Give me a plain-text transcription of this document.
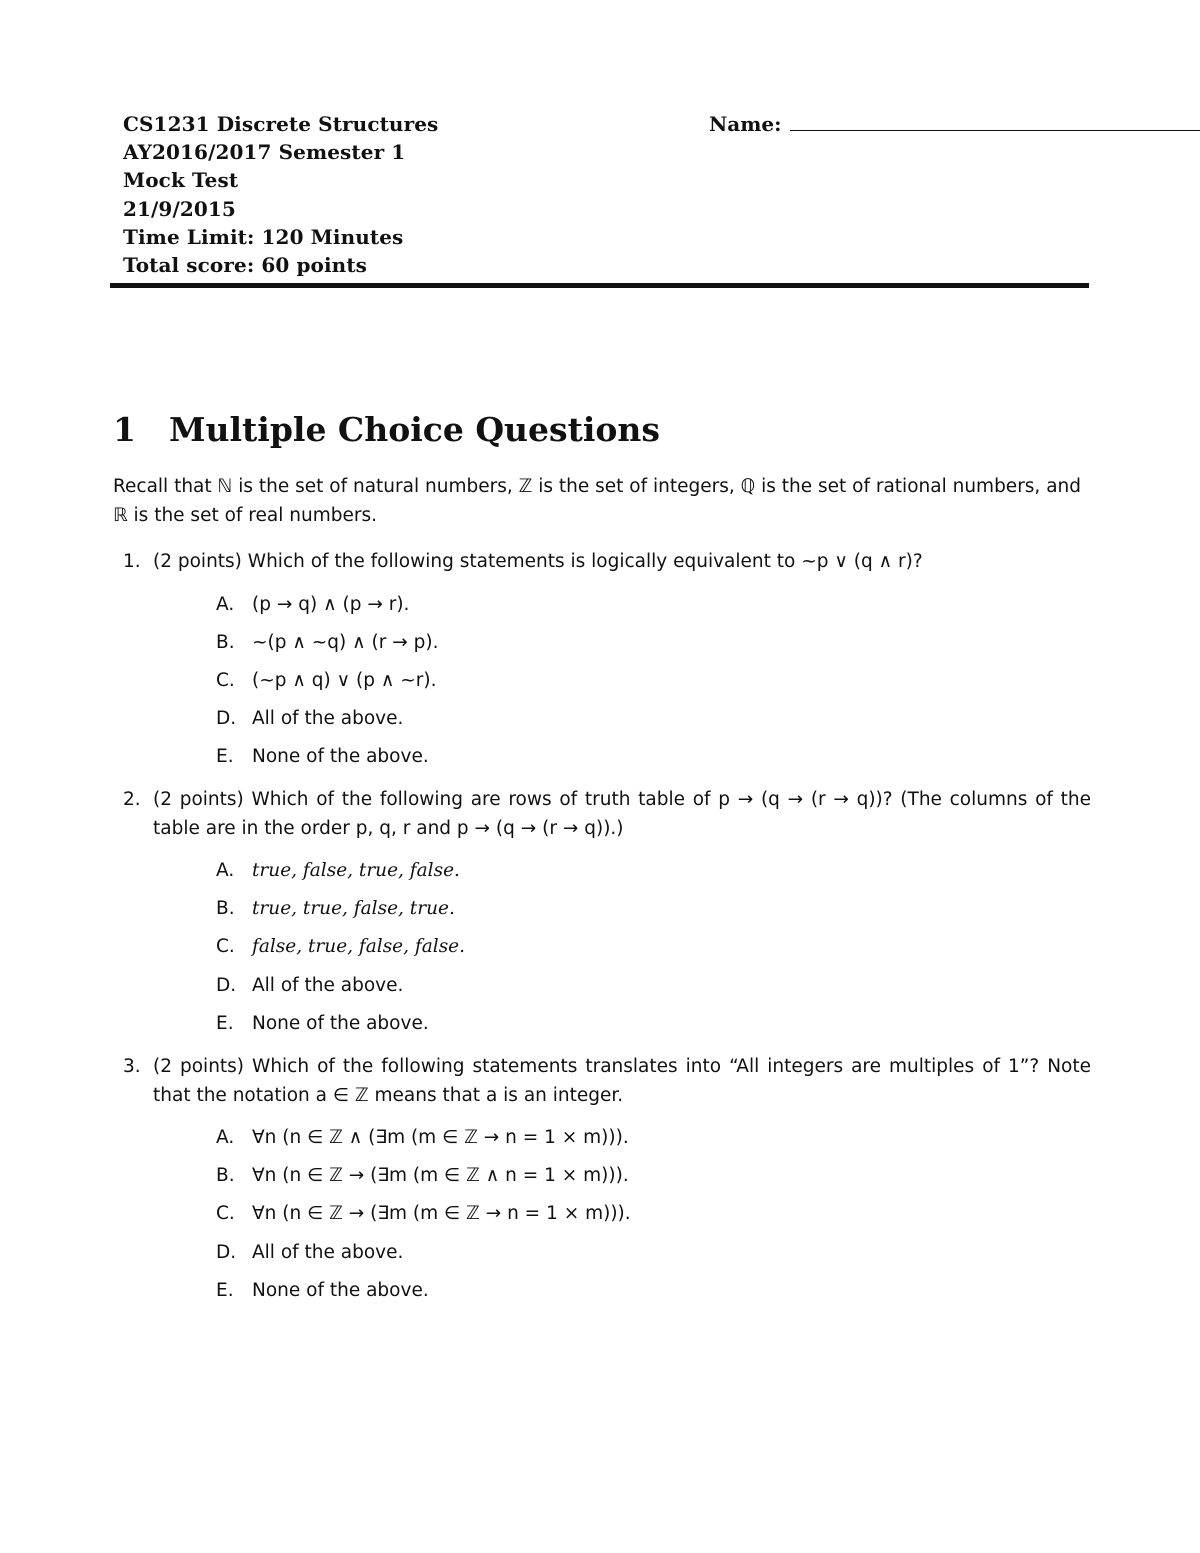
CS1231 Discrete Structures
AY2016/2017 Semester 1
Mock Test
21/9/2015
Time Limit: 120 Minutes
Total score: 60 points
Name:
1 Multiple Choice Questions
Recall that ℕ is the set of natural numbers, ℤ is the set of integers, ℚ is the set of rational numbers, and ℝ is the set of real numbers.
1. (2 points) Which of the following statements is logically equivalent to ~p ∨ (q ∧ r)?
A. (p → q) ∧ (p → r).
B. ~(p ∧ ~q) ∧ (r → p).
C. (~p ∧ q) ∨ (p ∧ ~r).
D. All of the above.
E. None of the above.
2. (2 points) Which of the following are rows of truth table of p → (q → (r → q))? (The columns of the table are in the order p, q, r and p → (q → (r → q)).)
A. true, false, true, false.
B. true, true, false, true.
C. false, true, false, false.
D. All of the above.
E. None of the above.
3. (2 points) Which of the following statements translates into “All integers are multiples of 1”? Note that the notation a ∈ ℤ means that a is an integer.
A. ∀n (n ∈ ℤ ∧ (∃m (m ∈ ℤ → n = 1 × m))).
B. ∀n (n ∈ ℤ → (∃m (m ∈ ℤ ∧ n = 1 × m))).
C. ∀n (n ∈ ℤ → (∃m (m ∈ ℤ → n = 1 × m))).
D. All of the above.
E. None of the above.
